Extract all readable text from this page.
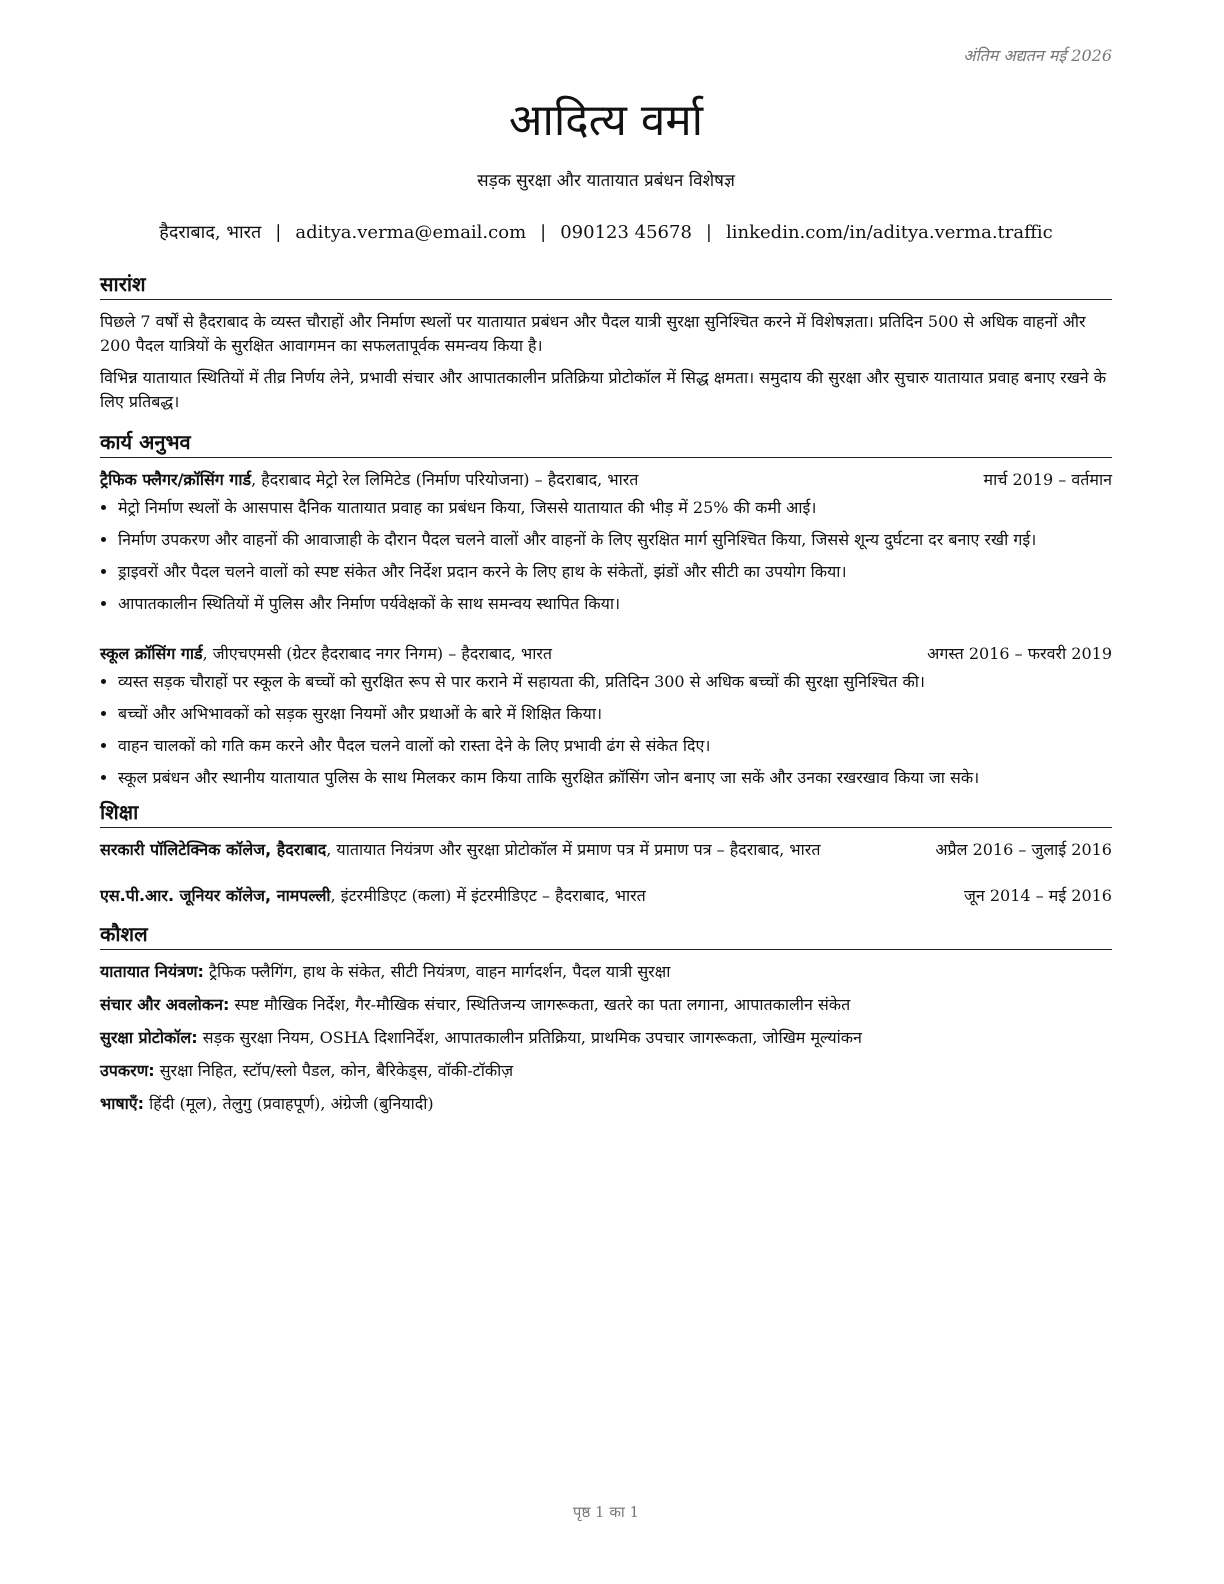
अंतिम अद्यतन मई 2026
आदित्य वर्मा
सड़क सुरक्षा और यातायात प्रबंधन विशेषज्ञ
हैदराबाद, भारत | aditya.verma@email.com | 090123 45678 | linkedin.com/in/aditya.verma.traffic
सारांश

पिछले 7 वर्षों से हैदराबाद के व्यस्त चौराहों और निर्माण स्थलों पर यातायात प्रबंधन और पैदल यात्री सुरक्षा सुनिश्चित करने में विशेषज्ञता। प्रतिदिन 500 से अधिक वाहनों और 200 पैदल यात्रियों के सुरक्षित आवागमन का सफलतापूर्वक समन्वय किया है।

विभिन्न यातायात स्थितियों में तीव्र निर्णय लेने, प्रभावी संचार और आपातकालीन प्रतिक्रिया प्रोटोकॉल में सिद्ध क्षमता। समुदाय की सुरक्षा और सुचारु यातायात प्रवाह बनाए रखने के लिए प्रतिबद्ध।

कार्य अनुभव
ट्रैफिक फ्लैगर/क्रॉसिंग गार्ड, हैदराबाद मेट्रो रेल लिमिटेड (निर्माण परियोजना) – हैदराबाद, भारत	मार्च 2019 – वर्तमान
• मेट्रो निर्माण स्थलों के आसपास दैनिक यातायात प्रवाह का प्रबंधन किया, जिससे यातायात की भीड़ में 25% की कमी आई।
• निर्माण उपकरण और वाहनों की आवाजाही के दौरान पैदल चलने वालों और वाहनों के लिए सुरक्षित मार्ग सुनिश्चित किया, जिससे शून्य दुर्घटना दर बनाए रखी गई।
• ड्राइवरों और पैदल चलने वालों को स्पष्ट संकेत और निर्देश प्रदान करने के लिए हाथ के संकेतों, झंडों और सीटी का उपयोग किया।
• आपातकालीन स्थितियों में पुलिस और निर्माण पर्यवेक्षकों के साथ समन्वय स्थापित किया।
स्कूल क्रॉसिंग गार्ड, जीएचएमसी (ग्रेटर हैदराबाद नगर निगम) – हैदराबाद, भारत	अगस्त 2016 – फरवरी 2019
• व्यस्त सड़क चौराहों पर स्कूल के बच्चों को सुरक्षित रूप से पार कराने में सहायता की, प्रतिदिन 300 से अधिक बच्चों की सुरक्षा सुनिश्चित की।
• बच्चों और अभिभावकों को सड़क सुरक्षा नियमों और प्रथाओं के बारे में शिक्षित किया।
• वाहन चालकों को गति कम करने और पैदल चलने वालों को रास्ता देने के लिए प्रभावी ढंग से संकेत दिए।
• स्कूल प्रबंधन और स्थानीय यातायात पुलिस के साथ मिलकर काम किया ताकि सुरक्षित क्रॉसिंग जोन बनाए जा सकें और उनका रखरखाव किया जा सके।
शिक्षा
सरकारी पॉलिटेक्निक कॉलेज, हैदराबाद, यातायात नियंत्रण और सुरक्षा प्रोटोकॉल में प्रमाण पत्र में प्रमाण पत्र – हैदराबाद, भारत	अप्रैल 2016 – जुलाई 2016
एस.पी.आर. जूनियर कॉलेज, नामपल्ली, इंटरमीडिएट (कला) में इंटरमीडिएट – हैदराबाद, भारत	जून 2014 – मई 2016
कौशल
यातायात नियंत्रण: ट्रैफिक फ्लैगिंग, हाथ के संकेत, सीटी नियंत्रण, वाहन मार्गदर्शन, पैदल यात्री सुरक्षा
संचार और अवलोकन: स्पष्ट मौखिक निर्देश, गैर-मौखिक संचार, स्थितिजन्य जागरूकता, खतरे का पता लगाना, आपातकालीन संकेत
सुरक्षा प्रोटोकॉल: सड़क सुरक्षा नियम, OSHA दिशानिर्देश, आपातकालीन प्रतिक्रिया, प्राथमिक उपचार जागरूकता, जोखिम मूल्यांकन
उपकरण: सुरक्षा निहित, स्टॉप/स्लो पैडल, कोन, बैरिकेड्स, वॉकी-टॉकीज़
भाषाएँ: हिंदी (मूल), तेलुगु (प्रवाहपूर्ण), अंग्रेजी (बुनियादी)
पृष्ठ 1 का 1
